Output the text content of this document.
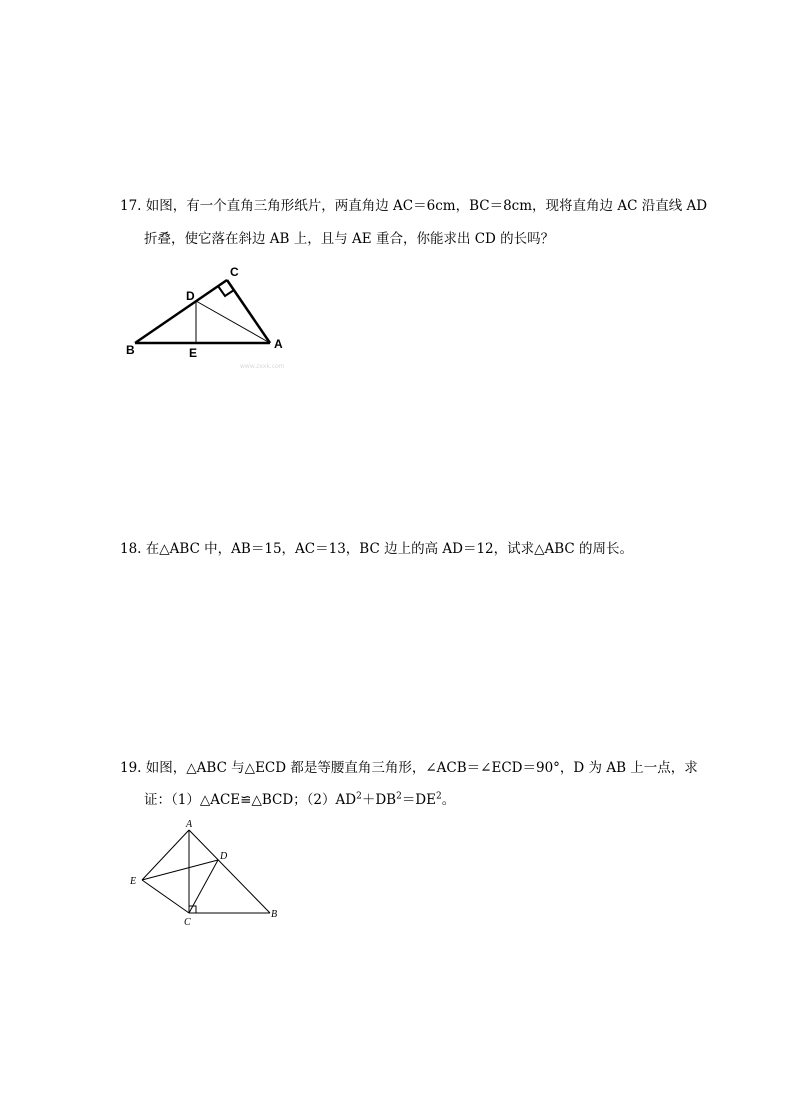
17. 如图，有一个直角三角形纸片，两直角边 AC＝6cm，BC＝8cm，现将直角边 AC 沿直线 AD
折叠，使它落在斜边 AB 上，且与 AE 重合，你能求出 CD 的长吗？
C
D
B	E
A
www.zxxk.com
18. 在△ABC 中，AB＝15，AC＝13，BC 边上的高 AD＝12，试求△ABC 的周长。
19. 如图，△ABC 与△ECD 都是等腰直角三角形，∠ACB＝∠ECD＝90°，D 为 AB 上一点，求
证：（1）△ACE≌△BCD；$(2)AD^2+DB^2=DE^2$。
A
D
E
C
B
